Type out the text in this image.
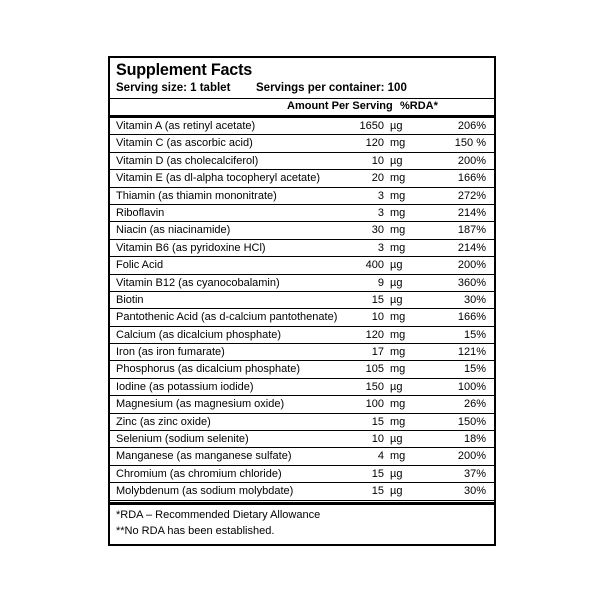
Supplement Facts
Serving size: 1 tablet Servings per container: 100
Amount Per Serving %RDA*
Vitamin A (as retinyl acetate)	1650 µg	206%
Vitamin C (as ascorbic acid)	120 mg	150 %
Vitamin D (as cholecalciferol)	10 µg	200%
Vitamin E (as dl-alpha tocopheryl acetate)	20 mg	166%
Thiamin (as thiamin mononitrate)	3 mg	272%
Riboflavin	3 mg	214%
Niacin (as niacinamide)	30 mg	187%
Vitamin B6 (as pyridoxine HCl)	3 mg	214%
Folic Acid	400 µg	200%
Vitamin B12 (as cyanocobalamin)	9 µg	360%
Biotin	15 µg	30%
Pantothenic Acid (as d-calcium pantothenate)	10 mg	166%
Calcium (as dicalcium phosphate)	120 mg	15%
Iron (as iron fumarate)	17 mg	121%
Phosphorus (as dicalcium phosphate)	105 mg	15%
Iodine (as potassium iodide)	150 µg	100%
Magnesium (as magnesium oxide)	100 mg	26%
Zinc (as zinc oxide)	15 mg	150%
Selenium (sodium selenite)	10 µg	18%
Manganese (as manganese sulfate)	4 mg	200%
Chromium (as chromium chloride)	15 µg	37%
Molybdenum (as sodium molybdate)	15 µg	30%
*RDA – Recommended Dietary Allowance
**No RDA has been established.
